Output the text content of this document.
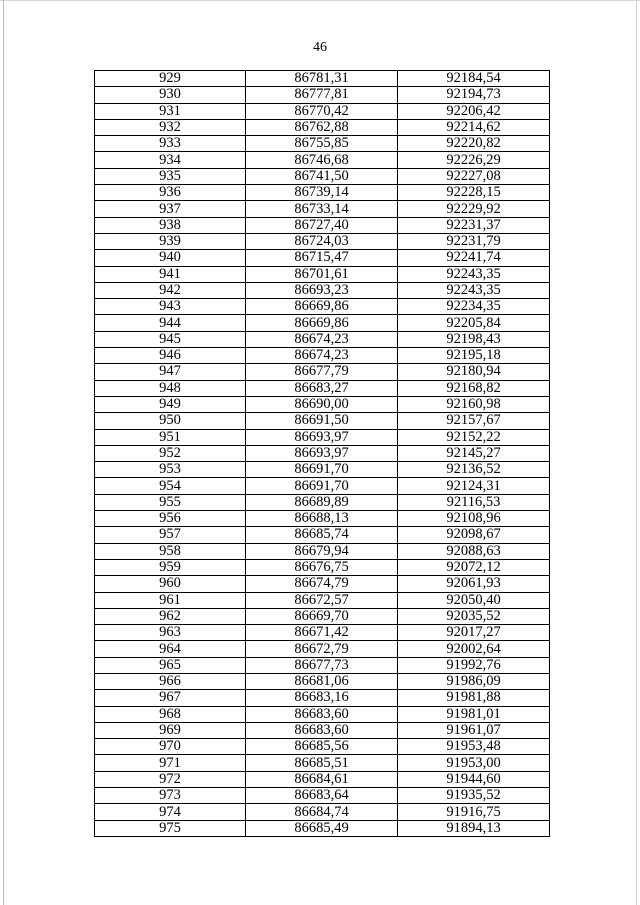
46
929	86781,31	92184,54
930	86777,81	92194,73
931	86770,42	92206,42
932	86762,88	92214,62
933	86755,85	92220,82
934	86746,68	92226,29
935	86741,50	92227,08
936	86739,14	92228,15
937	86733,14	92229,92
938	86727,40	92231,37
939	86724,03	92231,79
940	86715,47	92241,74
941	86701,61	92243,35
942	86693,23	92243,35
943	86669,86	92234,35
944	86669,86	92205,84
945	86674,23	92198,43
946	86674,23	92195,18
947	86677,79	92180,94
948	86683,27	92168,82
949	86690,00	92160,98
950	86691,50	92157,67
951	86693,97	92152,22
952	86693,97	92145,27
953	86691,70	92136,52
954	86691,70	92124,31
955	86689,89	92116,53
956	86688,13	92108,96
957	86685,74	92098,67
958	86679,94	92088,63
959	86676,75	92072,12
960	86674,79	92061,93
961	86672,57	92050,40
962	86669,70	92035,52
963	86671,42	92017,27
964	86672,79	92002,64
965	86677,73	91992,76
966	86681,06	91986,09
967	86683,16	91981,88
968	86683,60	91981,01
969	86683,60	91961,07
970	86685,56	91953,48
971	86685,51	91953,00
972	86684,61	91944,60
973	86683,64	91935,52
974	86684,74	91916,75
975	86685,49	91894,13
